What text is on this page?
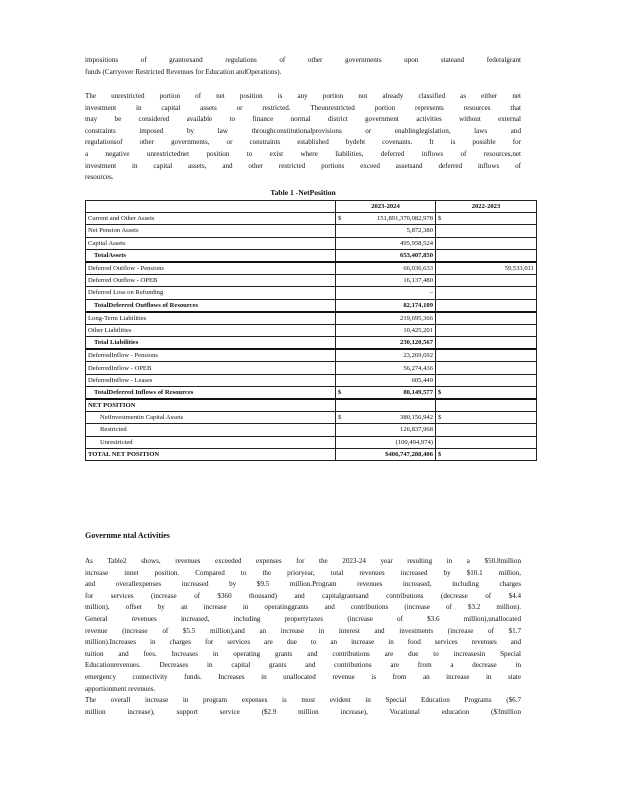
impositions of grantorsand regulations of other governments upon stateand federalgrant
funds (Carryover Restricted Revenues for Education andOperations).
The unrestricted portion of net position is any portion not already classified as either net
investment in capital assets or restricted. Theunrestricted portion represents resources that
may be considered available to finance normal district government activities without external
constraints imposed by law throughconstitutionalprovisions or enablinglegislation, laws and
regulationsof other governments, or constraints established bydebt covenants. It is possible for
a negative unrestrictednet position to exist where liabilities, deferred inflows of resources,net
investment in capital assets, and other restricted portions exceed assetsand deferred inflows of
resources.
Table 1 -NetPosition
	2023-2024	2022-2023
Current and Other Assets	$ 151,891,370,082,978	$

Net Pension Assets	5,872,380	
Capital Assets	495,958,524	
TotalAssets	653,407,850	
Deferred Outflow - Pensions	66,036,633	59,533,011
Deferred Outflow - OPEB	16,137,480	
Deferred Loss on Refunding	–	
TotalDeferred Outflows of Resources	82,174,109	
Long-Term Liabilities	219,695,366	
Other Liabilities	10,425,201	
Total Liabilities	230,120,567	
DeferredInflow - Pensions	23,269,692	
DeferredInflow - OPEB	56,274,436	
DeferredInflow - Leases	605,449	
TotalDeferred Inflows of Resources	$ 80,149,577	$

NET POSITION		
NetInvestmentin Capital Assets	$ 380,156,942	$

Restricted	126,837,968	
Unrestricted	(100,494,974)	
TOTAL NET POSITION	$406,747,288,406	$
Governme ntal Activities
As Table2 shows, revenues exceeded expenses for the 2023-24 year resulting in a $50.8million
increase innet position. Compared to the prioryear, total revenues increased by $10.1 million,
and overallexpenses increased by $9.5 million.Program revenues increased, including charges
for services (increase of $360 thousand) and capitalgrantsand contributions (decrease of $4.4
million), offset by an increase in operatinggrants and contributions (increase of $3.2 million).
General revenues increased, including propertytaxes (increase of $3.6 million),unallocated
revenue (increase of $5.5 million),and an increase in interest and investments (increase of $1.7
million).Increases in charges for services are due to an increase in food services revenues and
tuition and fees. Increases in operating grants and contributions are due to increasesin Special
Educationrevenues. Decreases in capital grants and contributions are from a decrease in
emergency connectivity funds. Increases in unallocated revenue is from an increase in state
apportionment revenues.
The overall increase in program expenses is most evident in Special Education Programs ($6.7
million increase), support service ($2.9 million increase), Vocational education ($3million
